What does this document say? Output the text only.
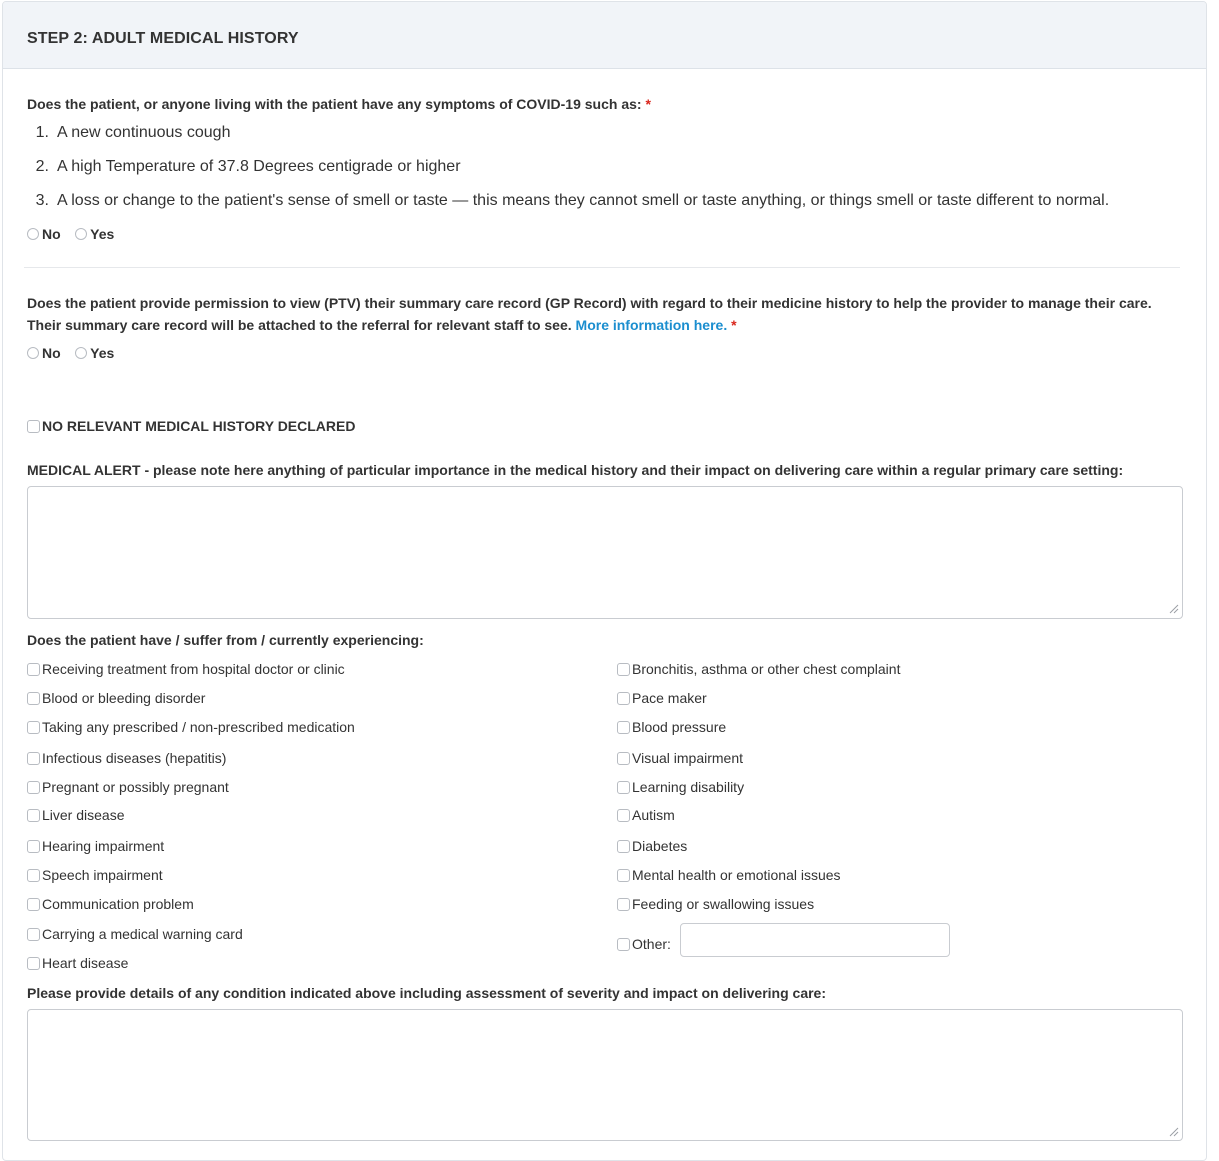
STEP 2: ADULT MEDICAL HISTORY
Does the patient, or anyone living with the patient have any symptoms of COVID-19 such as: *
1. A new continuous cough
2. A high Temperature of 37.8 Degrees centigrade or higher
3. A loss or change to the patient's sense of smell or taste — this means they cannot smell or taste anything, or things smell or taste different to normal.
No Yes
Does the patient provide permission to view (PTV) their summary care record (GP Record) with regard to their medicine history to help the provider to manage their care.
Their summary care record will be attached to the referral for relevant staff to see. More information here. *
No Yes
NO RELEVANT MEDICAL HISTORY DECLARED
MEDICAL ALERT - please note here anything of particular importance in the medical history and their impact on delivering care within a regular primary care setting:
Does the patient have / suffer from / currently experiencing:
Receiving treatment from hospital doctor or clinic
Blood or bleeding disorder
Taking any prescribed / non-prescribed medication
Infectious diseases (hepatitis)
Pregnant or possibly pregnant
Liver disease
Hearing impairment
Speech impairment
Communication problem
Carrying a medical warning card
Heart disease
Bronchitis, asthma or other chest complaint
Pace maker
Blood pressure
Visual impairment
Learning disability
Autism
Diabetes
Mental health or emotional issues
Feeding or swallowing issues
Other:
Please provide details of any condition indicated above including assessment of severity and impact on delivering care:
